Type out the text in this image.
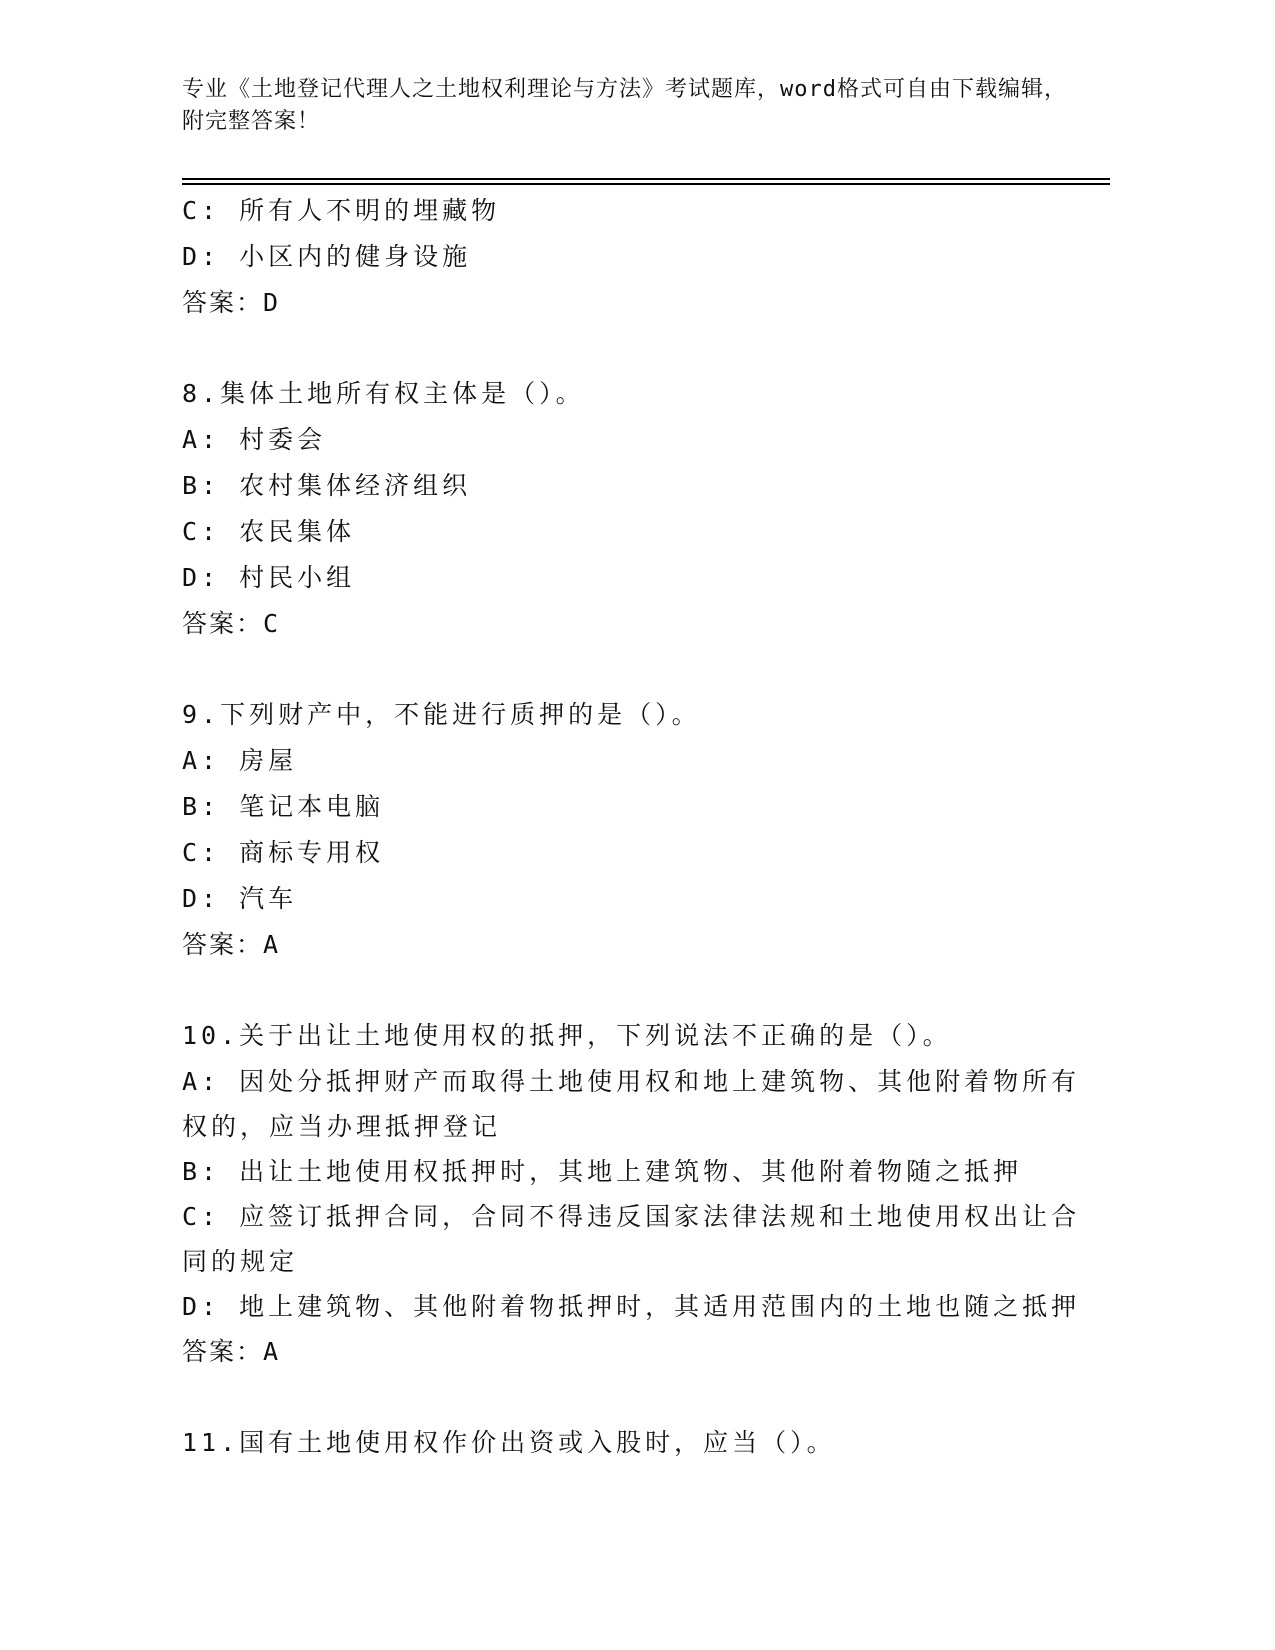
专业《土地登记代理人之土地权利理论与方法》考试题库，word格式可自由下载编辑，附完整答案！
C: 所有人不明的埋藏物
D: 小区内的健身设施
答案：D
8.集体土地所有权主体是（）。
A: 村委会
B: 农村集体经济组织
C: 农民集体
D: 村民小组
答案：C
9.下列财产中，不能进行质押的是（）。
A: 房屋
B: 笔记本电脑
C: 商标专用权
D: 汽车
答案：A
10.关于出让土地使用权的抵押，下列说法不正确的是（）。
A: 因处分抵押财产而取得土地使用权和地上建筑物、其他附着物所有权的，应当办理抵押登记
B: 出让土地使用权抵押时，其地上建筑物、其他附着物随之抵押
C: 应签订抵押合同，合同不得违反国家法律法规和土地使用权出让合同的规定
D: 地上建筑物、其他附着物抵押时，其适用范围内的土地也随之抵押
答案：A
11.国有土地使用权作价出资或入股时，应当（）。
